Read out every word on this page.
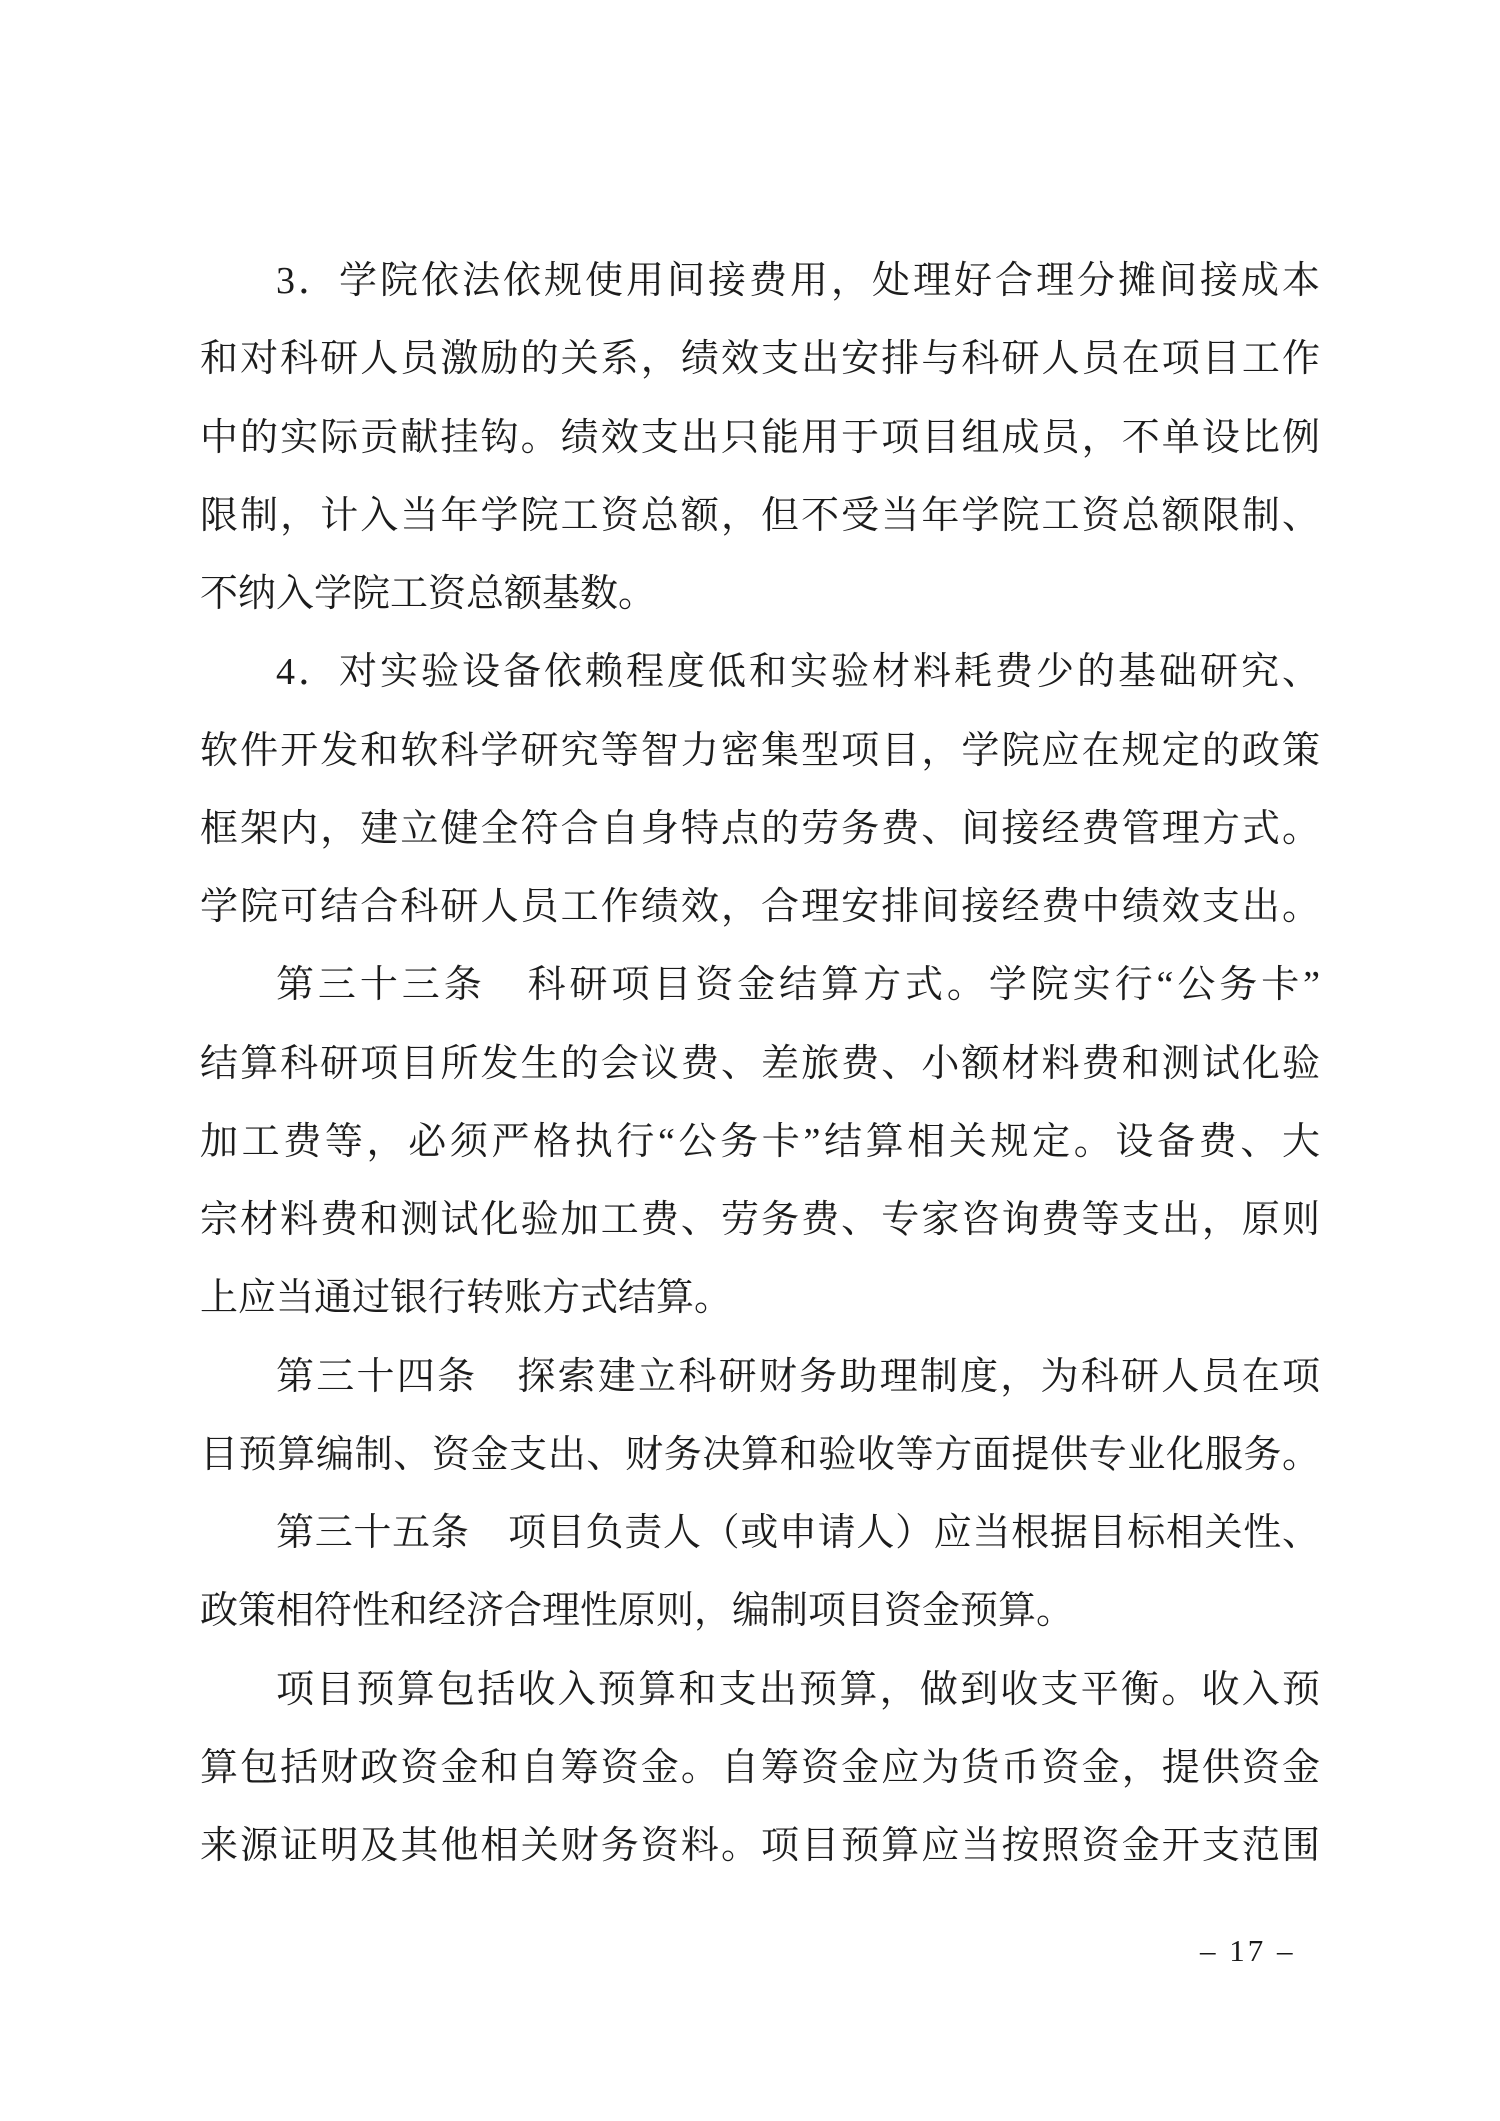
3．学院依法依规使用间接费用，处理好合理分摊间接成本
和对科研人员激励的关系，绩效支出安排与科研人员在项目工作
中的实际贡献挂钩。绩效支出只能用于项目组成员，不单设比例
限制，计入当年学院工资总额，但不受当年学院工资总额限制、
不纳入学院工资总额基数。
4．对实验设备依赖程度低和实验材料耗费少的基础研究、
软件开发和软科学研究等智力密集型项目，学院应在规定的政策
框架内，建立健全符合自身特点的劳务费、间接经费管理方式。
学院可结合科研人员工作绩效，合理安排间接经费中绩效支出。
第三十三条　科研项目资金结算方式。学院实行“公务卡”
结算科研项目所发生的会议费、差旅费、小额材料费和测试化验
加工费等，必须严格执行“公务卡”结算相关规定。设备费、大
宗材料费和测试化验加工费、劳务费、专家咨询费等支出，原则
上应当通过银行转账方式结算。
第三十四条　探索建立科研财务助理制度，为科研人员在项
目预算编制、资金支出、财务决算和验收等方面提供专业化服务。
第三十五条　项目负责人（或申请人）应当根据目标相关性、
政策相符性和经济合理性原则，编制项目资金预算。
项目预算包括收入预算和支出预算，做到收支平衡。收入预
算包括财政资金和自筹资金。自筹资金应为货币资金，提供资金
来源证明及其他相关财务资料。项目预算应当按照资金开支范围
– 17 –
